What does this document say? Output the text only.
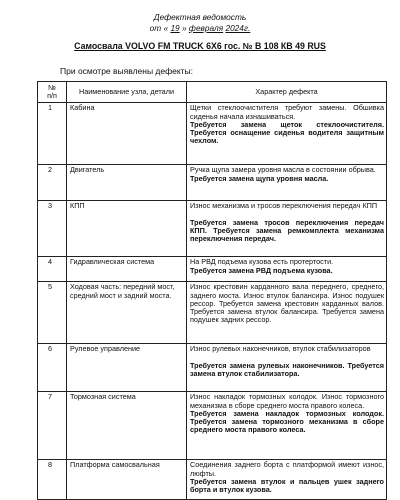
Дефектная ведомость
от « 19 » февраля 2024г.
Самосвала VOLVO FM TRUCK 6Х6 гос. № В 108 КВ 49 RUS
При осмотре выявлены дефекты:
№
п/п	Наименование узла, детали	Характер дефекта
1	Кабина	Щетки стеклоочистителя требуют замены. Обшивка сиденья начала изнашиваться.
Требуется замена щеток стеклоочистителя. Требуется оснащение сиденья водителя защитным чехлом.

2	Двигатель	Ручка щупа замера уровня масла в состоянии обрыва.
Требуется замена щупа уровня масла.

3	КПП	Износ механизма и тросов переключения передач КПП
Требуется замена тросов переключения передач КПП. Требуется замена ремкомплекта механизма переключения передач.

4	Гидравлическая система	На РВД подъема кузова есть протертости.
Требуется замена РВД подъема кузова.

5	Ходовая часть: передний мост, средний мост и задний моста.	Износ крестовин карданного вала переднего, среднего, заднего моста. Износ втулок балансира. Износ подушек рессор. Требуется замена крестовин карданных валов. Требуется замена втулок балансира. Требуется замена подушек задних рессор.
6	Рулевое управление	Износ рулевых наконечников, втулок стабилизаторов
Требуется замена рулевых наконечников. Требуется замена втулок стабилизатора.

7	Тормозная система	Износ накладок тормозных колодок. Износ тормозного механизма в сборе среднего моста правого колеса.
Требуется замена накладок тормозных колодок. Требуется замена тормозного механизма в сборе среднего моста правого колеса.

8	Платформа самосвальная	Соединения заднего борта с платформой имеют износ, люфты.
Требуется замена втулок и пальцев ушек заднего борта и втулок кузова.
